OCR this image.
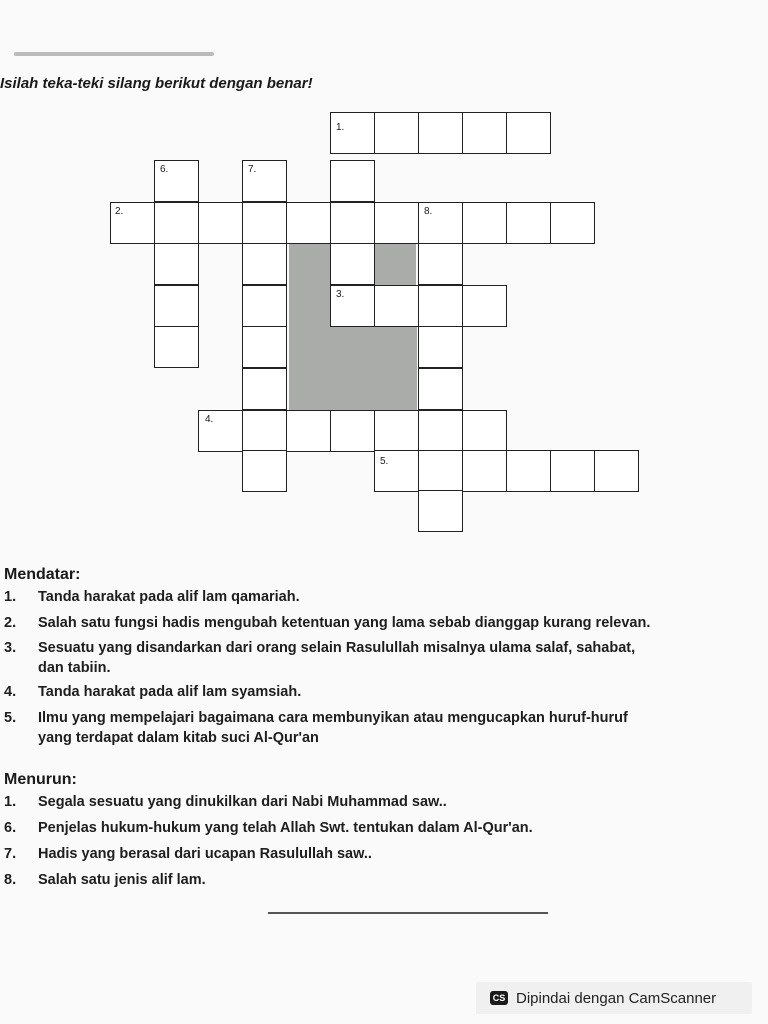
Isilah teka-teki silang berikut dengan benar!
1.
6.	7.
2.	8.
3.
4.
5.
Mendatar:
1. Tanda harakat pada alif lam qamariah.
2. Salah satu fungsi hadis mengubah ketentuan yang lama sebab dianggap kurang relevan.
3. Sesuatu yang disandarkan dari orang selain Rasulullah misalnya ulama salaf, sahabat,
dan tabiin.
4. Tanda harakat pada alif lam syamsiah.
5. Ilmu yang mempelajari bagaimana cara membunyikan atau mengucapkan huruf-huruf
yang terdapat dalam kitab suci Al-Qur'an
Menurun:
1. Segala sesuatu yang dinukilkan dari Nabi Muhammad saw..
6. Penjelas hukum-hukum yang telah Allah Swt. tentukan dalam Al-Qur'an.
7. Hadis yang berasal dari ucapan Rasulullah saw..
8. Salah satu jenis alif lam.
CS Dipindai dengan CamScanner
